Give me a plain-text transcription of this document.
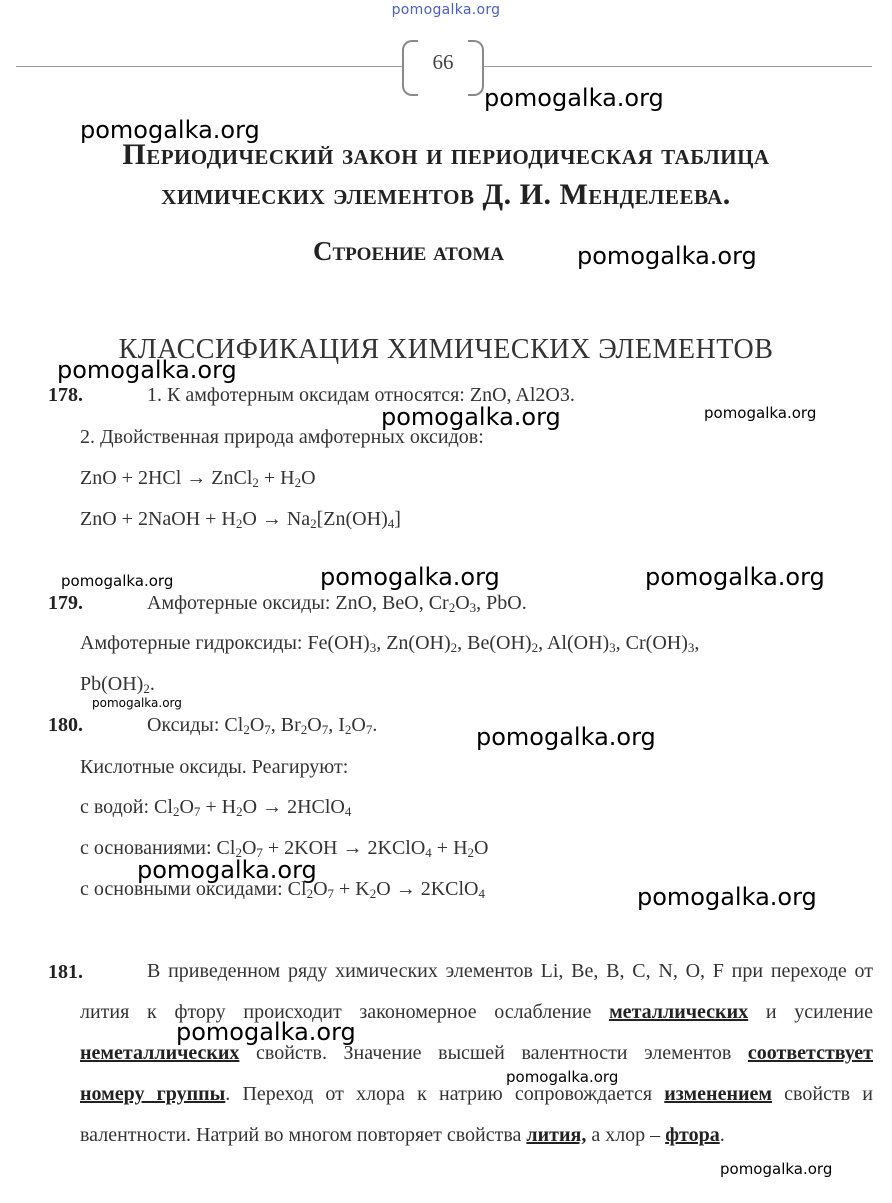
pomogalka.org
66
Периодический закон и периодическая таблица
химических элементов Д. И. Менделеева.
Строение атома
КЛАССИФИКАЦИЯ ХИМИЧЕСКИХ ЭЛЕМЕНТОВ
178.	1. К амфотерным оксидам относятся: ZnO, Al2O3.
2. Двойственная природа амфотерных оксидов:
ZnO + 2HCl → ZnCl$_2$ + $H_2O$
ZnO + 2NaOH + $H_2O \to Na_2[Zn(OH)_4]$
179.	Амфотерные оксиды: ZnO, BeO, $Cr_2O_3$, PbO.
Амфотерные гидроксиды: $Fe(OH)_3$, $Zn(OH)_2$, $Be(OH)_2$, $Al(OH)_3$, $Cr(OH)_3$,
$Pb(OH)_2$.
180.	Оксиды: $Cl_2O_7$, $Br_2O_7$, $I_2O_7$.
Кислотные оксиды. Реагируют:
с водой: $Cl_2O_7 + H_2O$ → 2HClO$_4$
с основаниями: $Cl_2O_7 + 2KOH$ → 2KClO$_4$ + $H_2O$
с основными оксидами: $Cl_2O_7 + K_2O$ → 2KClO$_4$
181.	В приведенном ряду химических элементов Li, Be, B, C, N, O, F при переходе от лития к фтору происходит закономерное ослабление металлических и усиление неметаллических свойств. Значение высшей валентности элементов соответствует номеру группы. Переход от хлора к натрию сопровождается изменением свойств и валентности. Натрий во многом повторяет свойства лития, а хлор – фтора.
pomogalka.org
pomogalka.org
pomogalka.org
pomogalka.org
pomogalka.org	pomogalka.org
pomogalka.org	pomogalka.org	pomogalka.org
pomogalka.org
pomogalka.org
pomogalka.org
pomogalka.org
pomogalka.org
pomogalka.org
pomogalka.org
